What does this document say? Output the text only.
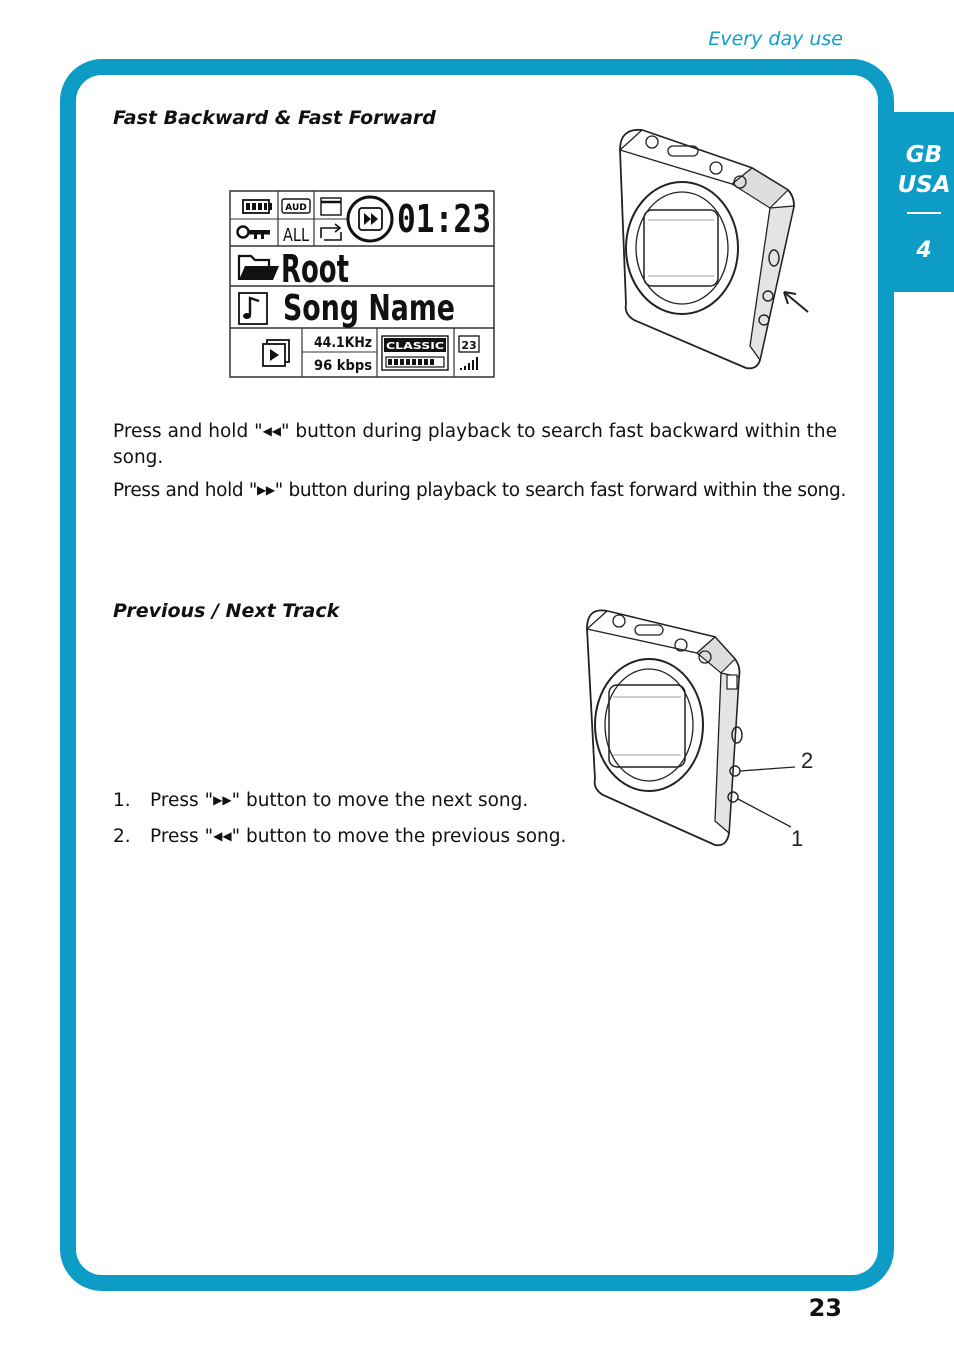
Every day use
GB
USA
4
Fast Backward & Fast Forward
AUD
ALL 01:23
Root
Song Name
44.1KHz
96 kbps
CLASSIC 23
Press and hold "◀◀" button during playback to search fast backward within the song.
Press and hold "▶▶" button during playback to search fast forward within the song.
Previous / Next Track
2
1
1. Press "▶▶" button to move the next song.
2. Press "◀◀" button to move the previous song.
23
